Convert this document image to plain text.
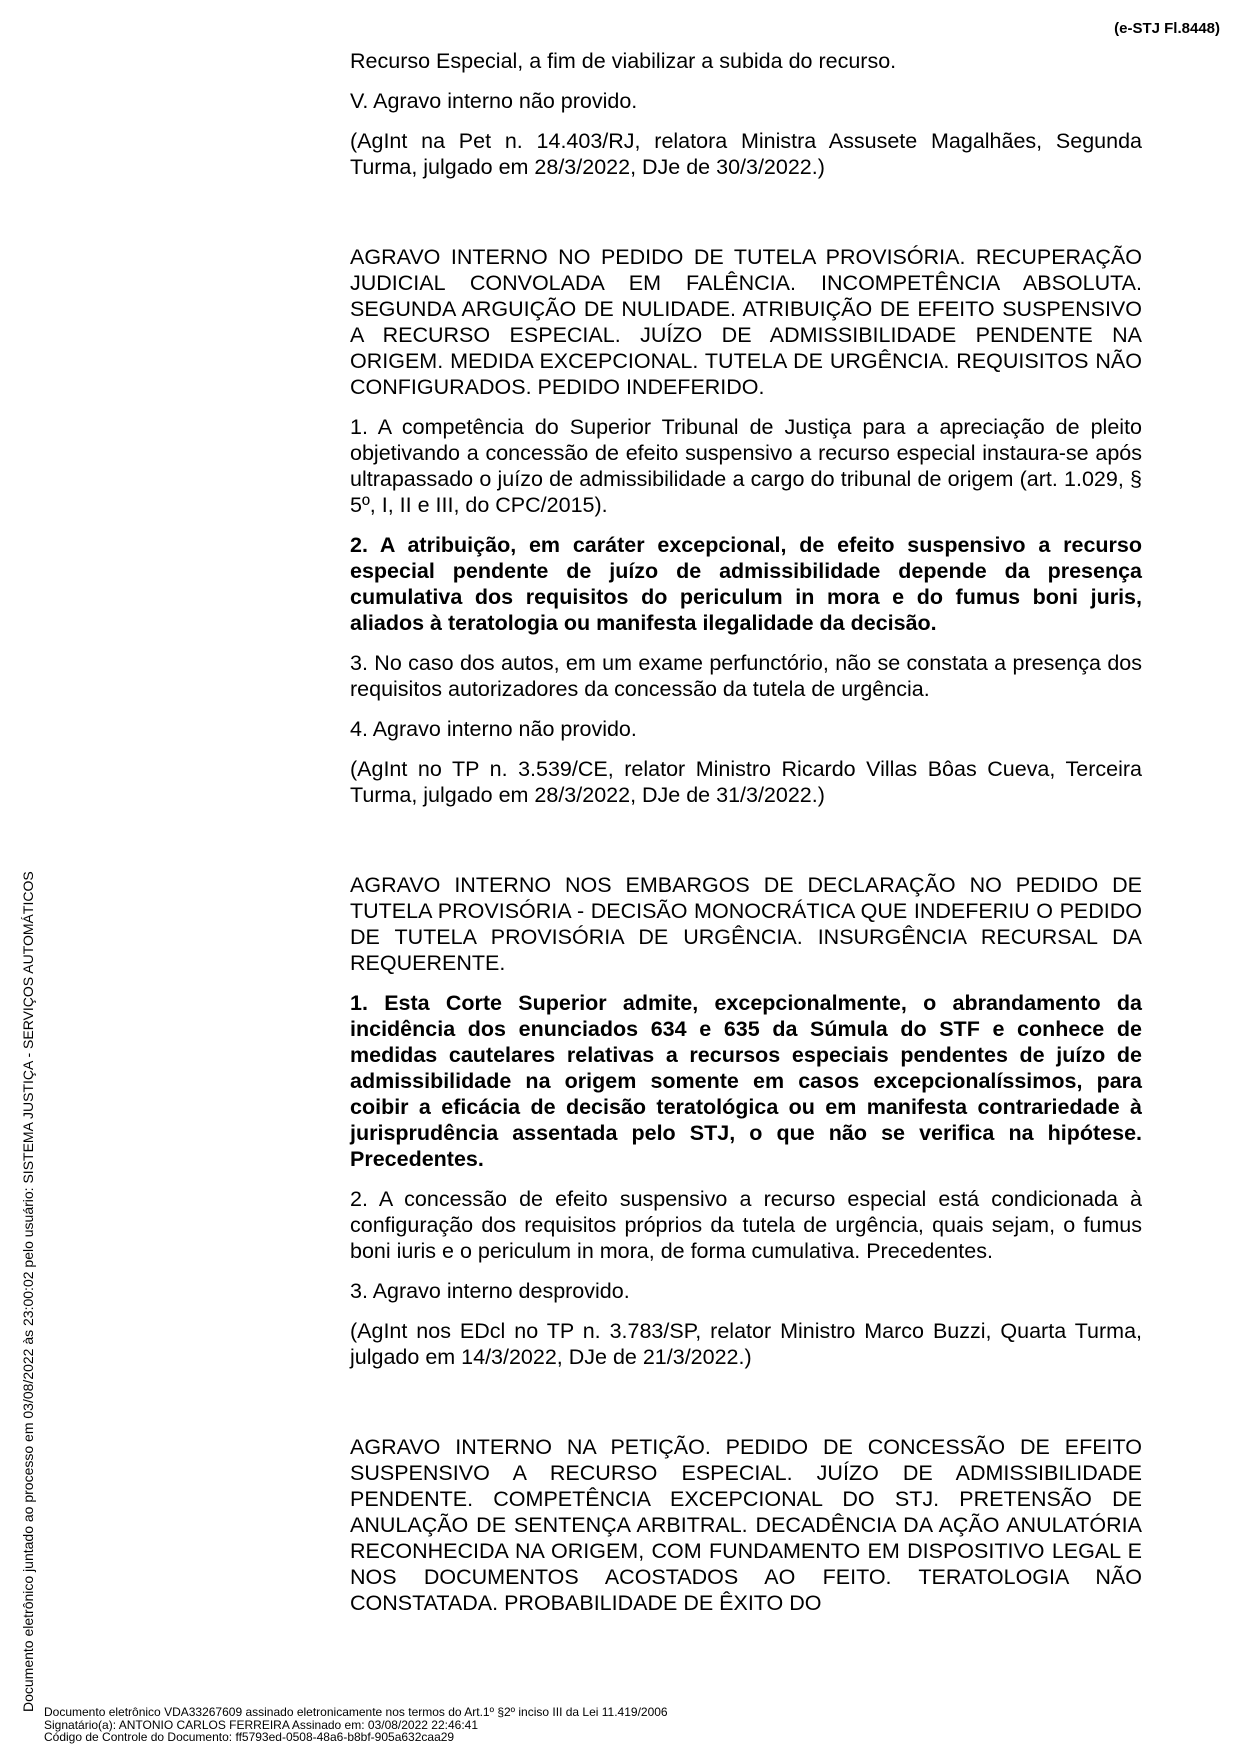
(e-STJ Fl.8448)
Documento eletrônico juntado ao processo em 03/08/2022 às 23:00:02 pelo usuário: SISTEMA JUSTIÇA - SERVIÇOS AUTOMÁTICOS

Recurso Especial, a fim de viabilizar a subida do recurso.

V. Agravo interno não provido.

(AgInt na Pet n. 14.403/RJ, relatora Ministra Assusete Magalhães, Segunda Turma, julgado em 28/3/2022, DJe de 30/3/2022.)

AGRAVO INTERNO NO PEDIDO DE TUTELA PROVISÓRIA. RECUPERAÇÃO JUDICIAL CONVOLADA EM FALÊNCIA. INCOMPETÊNCIA ABSOLUTA. SEGUNDA ARGUIÇÃO DE NULIDADE. ATRIBUIÇÃO DE EFEITO SUSPENSIVO A RECURSO ESPECIAL. JUÍZO DE ADMISSIBILIDADE PENDENTE NA ORIGEM. MEDIDA EXCEPCIONAL. TUTELA DE URGÊNCIA. REQUISITOS NÃO CONFIGURADOS. PEDIDO INDEFERIDO.

1. A competência do Superior Tribunal de Justiça para a apreciação de pleito objetivando a concessão de efeito suspensivo a recurso especial instaura-se após ultrapassado o juízo de admissibilidade a cargo do tribunal de origem (art. 1.029, § 5º, I, II e III, do CPC/2015).

2. A atribuição, em caráter excepcional, de efeito suspensivo a recurso especial pendente de juízo de admissibilidade depende da presença cumulativa dos requisitos do periculum in mora e do fumus boni juris, aliados à teratologia ou manifesta ilegalidade da decisão.

3. No caso dos autos, em um exame perfunctório, não se constata a presença dos requisitos autorizadores da concessão da tutela de urgência.

4. Agravo interno não provido.

(AgInt no TP n. 3.539/CE, relator Ministro Ricardo Villas Bôas Cueva, Terceira Turma, julgado em 28/3/2022, DJe de 31/3/2022.)

AGRAVO INTERNO NOS EMBARGOS DE DECLARAÇÃO NO PEDIDO DE TUTELA PROVISÓRIA - DECISÃO MONOCRÁTICA QUE INDEFERIU O PEDIDO DE TUTELA PROVISÓRIA DE URGÊNCIA. INSURGÊNCIA RECURSAL DA REQUERENTE.

1. Esta Corte Superior admite, excepcionalmente, o abrandamento da incidência dos enunciados 634 e 635 da Súmula do STF e conhece de medidas cautelares relativas a recursos especiais pendentes de juízo de admissibilidade na origem somente em casos excepcionalíssimos, para coibir a eficácia de decisão teratológica ou em manifesta contrariedade à jurisprudência assentada pelo STJ, o que não se verifica na hipótese. Precedentes.

2. A concessão de efeito suspensivo a recurso especial está condicionada à configuração dos requisitos próprios da tutela de urgência, quais sejam, o fumus boni iuris e o periculum in mora, de forma cumulativa. Precedentes.

3. Agravo interno desprovido.

(AgInt nos EDcl no TP n. 3.783/SP, relator Ministro Marco Buzzi, Quarta Turma, julgado em 14/3/2022, DJe de 21/3/2022.)

AGRAVO INTERNO NA PETIÇÃO. PEDIDO DE CONCESSÃO DE EFEITO SUSPENSIVO A RECURSO ESPECIAL. JUÍZO DE ADMISSIBILIDADE PENDENTE. COMPETÊNCIA EXCEPCIONAL DO STJ. PRETENSÃO DE ANULAÇÃO DE SENTENÇA ARBITRAL. DECADÊNCIA DA AÇÃO ANULATÓRIA RECONHECIDA NA ORIGEM, COM FUNDAMENTO EM DISPOSITIVO LEGAL E NOS DOCUMENTOS ACOSTADOS AO FEITO. TERATOLOGIA NÃO CONSTATADA. PROBABILIDADE DE ÊXITO DO

Documento eletrônico VDA33267609 assinado eletronicamente nos termos do Art.1º §2º inciso III da Lei 11.419/2006
Signatário(a): ANTONIO CARLOS FERREIRA Assinado em: 03/08/2022 22:46:41
Código de Controle do Documento: ff5793ed-0508-48a6-b8bf-905a632caa29
